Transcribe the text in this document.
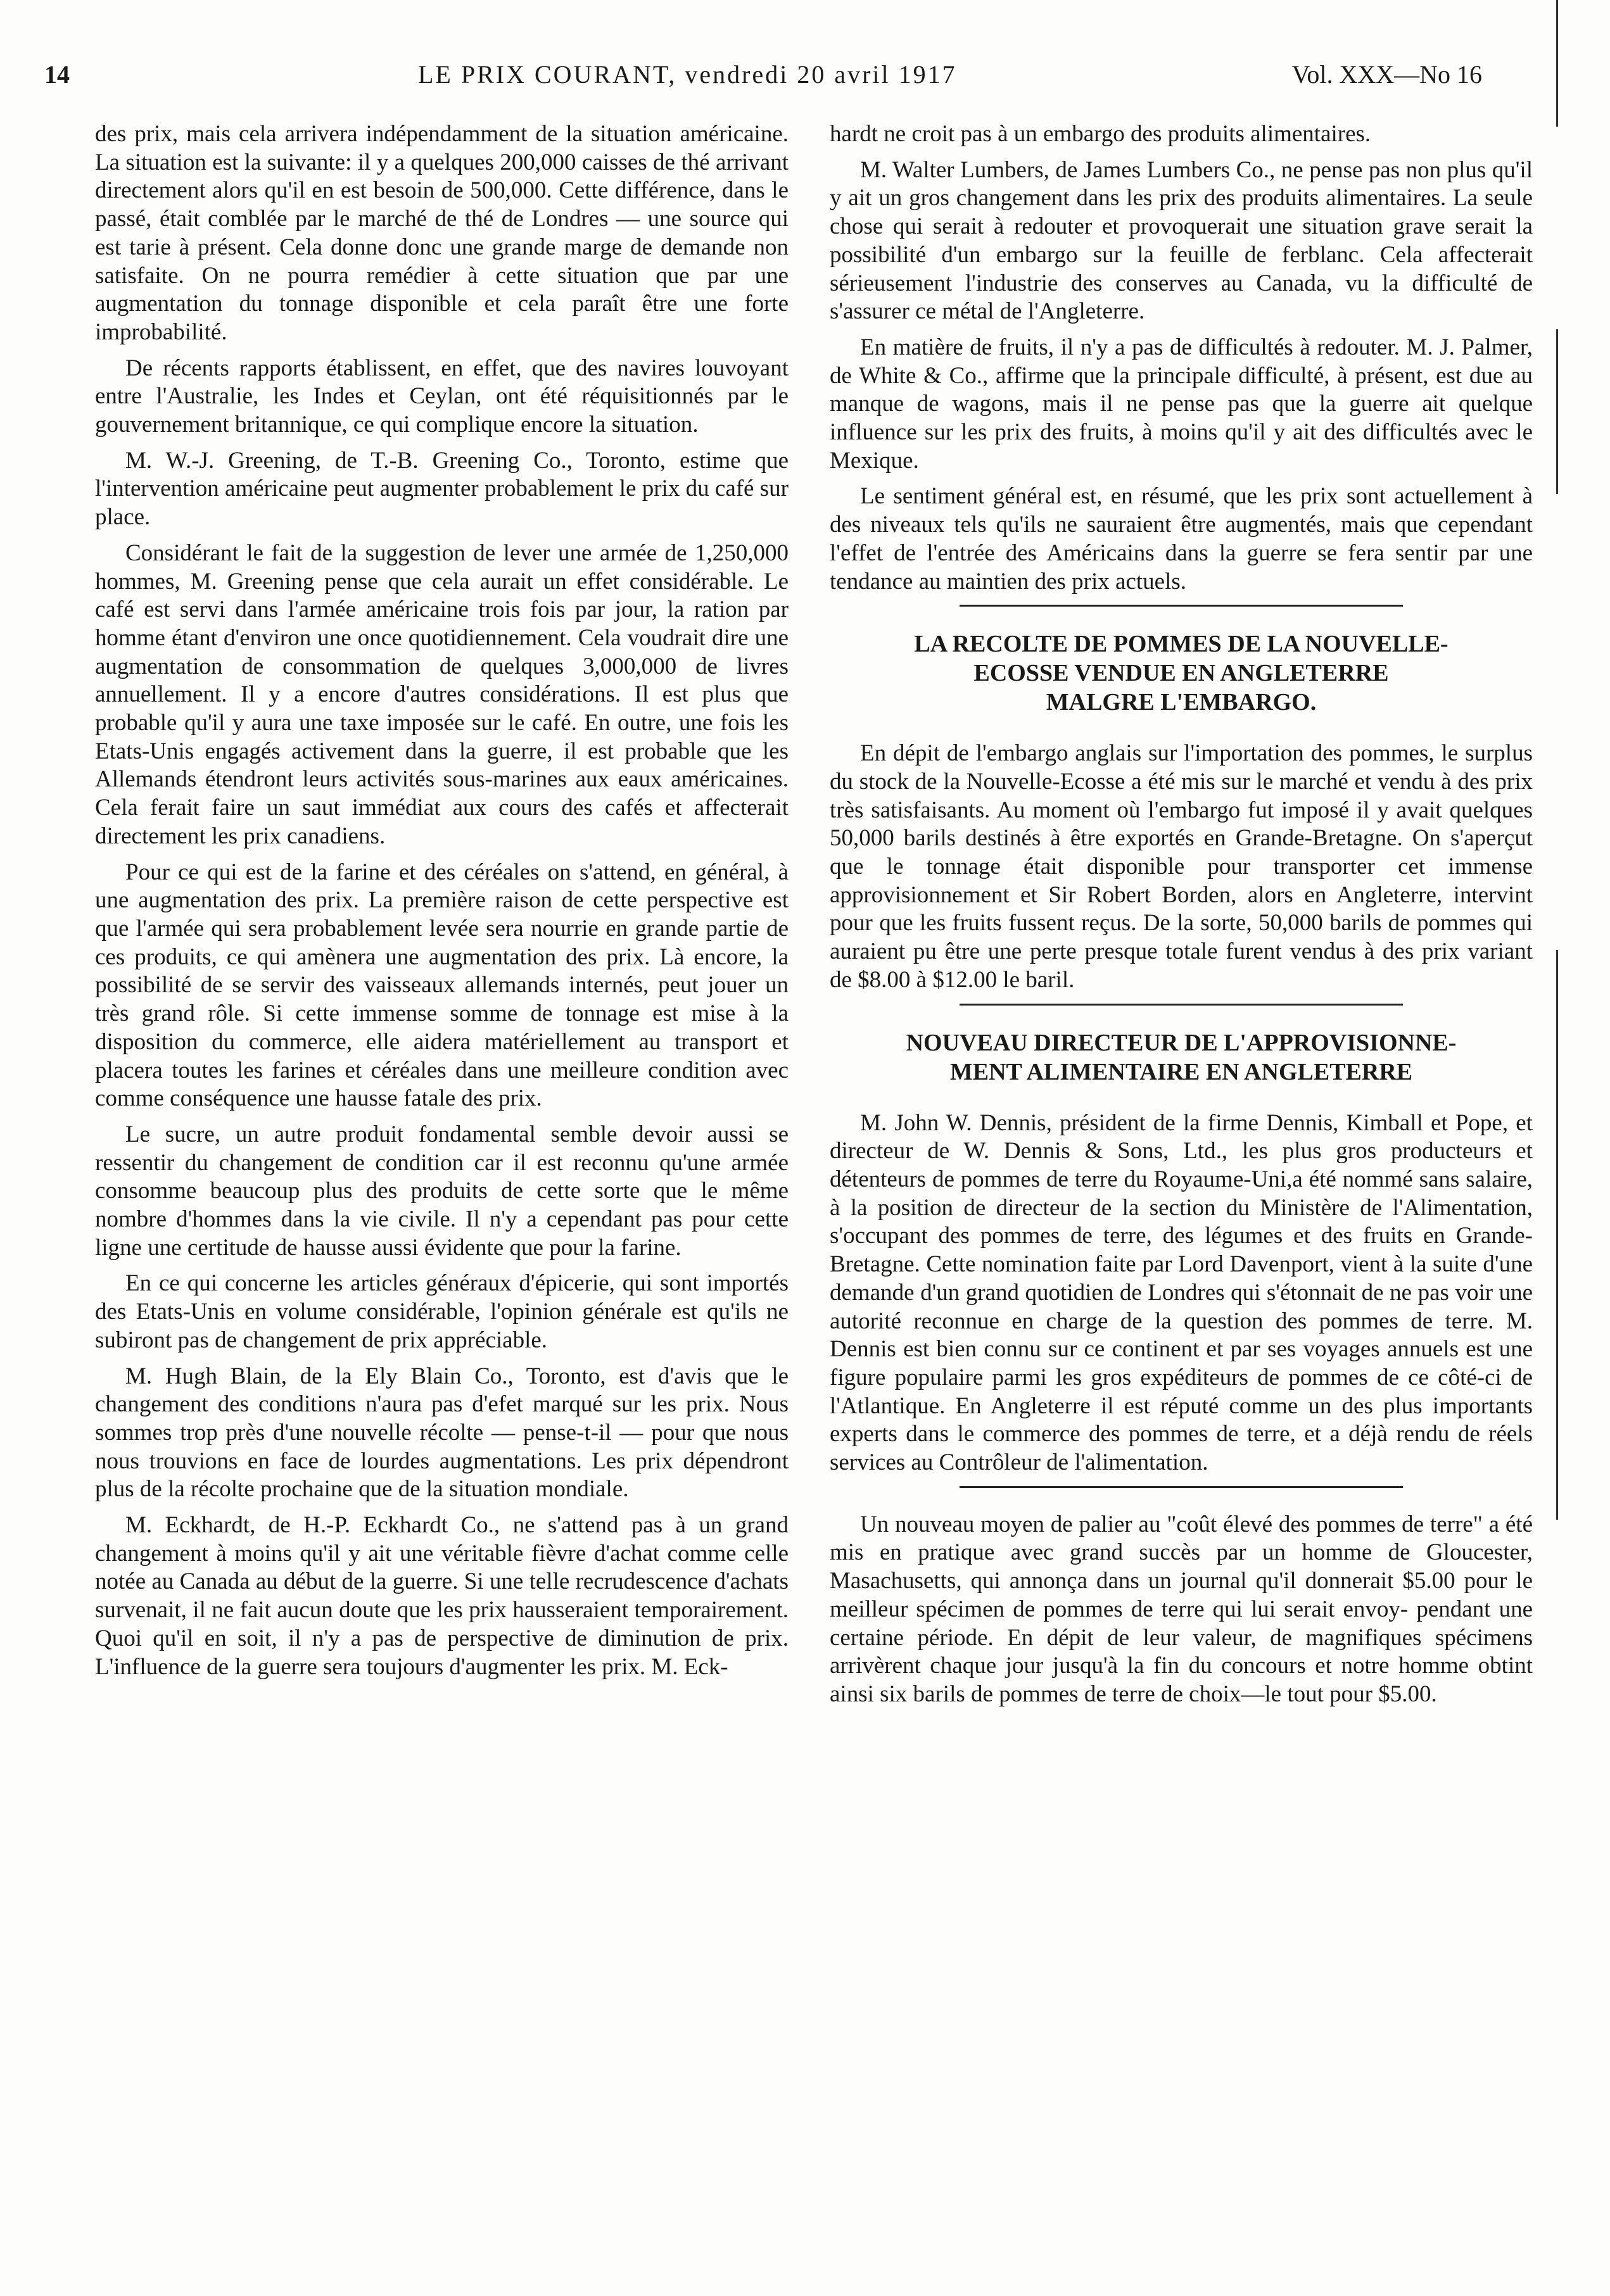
14	LE PRIX COURANT, vendredi 20 avril 1917	Vol. XXX—No 16

des prix, mais cela arrivera indépendamment de la situation américaine. La situation est la suivante: il y a quelques 200,000 caisses de thé arrivant directement alors qu'il en est besoin de 500,000. Cette différence, dans le passé, était comblée par le marché de thé de Londres — une source qui est tarie à présent. Cela donne donc une grande marge de demande non satisfaite. On ne pourra remédier à cette situation que par une augmentation du tonnage disponible et cela paraît être une forte improbabilité.

De récents rapports établissent, en effet, que des navires louvoyant entre l'Australie, les Indes et Ceylan, ont été réquisitionnés par le gouvernement britannique, ce qui complique encore la situation.

M. W.-J. Greening, de T.-B. Greening Co., Toronto, estime que l'intervention américaine peut augmenter probablement le prix du café sur place.

Considérant le fait de la suggestion de lever une armée de 1,250,000 hommes, M. Greening pense que cela aurait un effet considérable. Le café est servi dans l'armée américaine trois fois par jour, la ration par homme étant d'environ une once quotidiennement. Cela voudrait dire une augmentation de consommation de quelques 3,000,000 de livres annuellement. Il y a encore d'autres considérations. Il est plus que probable qu'il y aura une taxe imposée sur le café. En outre, une fois les Etats-Unis engagés activement dans la guerre, il est probable que les Allemands étendront leurs activités sous-marines aux eaux américaines. Cela ferait faire un saut immédiat aux cours des cafés et affecterait directement les prix canadiens.

Pour ce qui est de la farine et des céréales on s'attend, en général, à une augmentation des prix. La première raison de cette perspective est que l'armée qui sera probablement levée sera nourrie en grande partie de ces produits, ce qui amènera une augmentation des prix. Là encore, la possibilité de se servir des vaisseaux allemands internés, peut jouer un très grand rôle. Si cette immense somme de tonnage est mise à la disposition du commerce, elle aidera matériellement au transport et placera toutes les farines et céréales dans une meilleure condition avec comme conséquence une hausse fatale des prix.

Le sucre, un autre produit fondamental semble devoir aussi se ressentir du changement de condition car il est reconnu qu'une armée consomme beaucoup plus des produits de cette sorte que le même nombre d'hommes dans la vie civile. Il n'y a cependant pas pour cette ligne une certitude de hausse aussi évidente que pour la farine.

En ce qui concerne les articles généraux d'épicerie, qui sont importés des Etats-Unis en volume considérable, l'opinion générale est qu'ils ne subiront pas de changement de prix appréciable.

M. Hugh Blain, de la Ely Blain Co., Toronto, est d'avis que le changement des conditions n'aura pas d'efet marqué sur les prix. Nous sommes trop près d'une nouvelle récolte — pense-t-il — pour que nous nous trouvions en face de lourdes augmentations. Les prix dépendront plus de la récolte prochaine que de la situation mondiale.

M. Eckhardt, de H.-P. Eckhardt Co., ne s'attend pas à un grand changement à moins qu'il y ait une véritable fièvre d'achat comme celle notée au Canada au début de la guerre. Si une telle recrudescence d'achats survenait, il ne fait aucun doute que les prix hausseraient temporairement. Quoi qu'il en soit, il n'y a pas de perspective de diminution de prix. L'influence de la guerre sera toujours d'augmenter les prix. M. Eck-

hardt ne croit pas à un embargo des produits alimentaires.

M. Walter Lumbers, de James Lumbers Co., ne pense pas non plus qu'il y ait un gros changement dans les prix des produits alimentaires. La seule chose qui serait à redouter et provoquerait une situation grave serait la possibilité d'un embargo sur la feuille de ferblanc. Cela affecterait sérieusement l'industrie des conserves au Canada, vu la difficulté de s'assurer ce métal de l'Angleterre.

En matière de fruits, il n'y a pas de difficultés à redouter. M. J. Palmer, de White & Co., affirme que la principale difficulté, à présent, est due au manque de wagons, mais il ne pense pas que la guerre ait quelque influence sur les prix des fruits, à moins qu'il y ait des difficultés avec le Mexique.

Le sentiment général est, en résumé, que les prix sont actuellement à des niveaux tels qu'ils ne sauraient être augmentés, mais que cependant l'effet de l'entrée des Américains dans la guerre se fera sentir par une tendance au maintien des prix actuels.

LA RECOLTE DE POMMES DE LA NOUVELLE-
ECOSSE VENDUE EN ANGLETERRE
MALGRE L'EMBARGO.

En dépit de l'embargo anglais sur l'importation des pommes, le surplus du stock de la Nouvelle-Ecosse a été mis sur le marché et vendu à des prix très satisfaisants. Au moment où l'embargo fut imposé il y avait quelques 50,000 barils destinés à être exportés en Grande-Bretagne. On s'aperçut que le tonnage était disponible pour transporter cet immense approvisionnement et Sir Robert Borden, alors en Angleterre, intervint pour que les fruits fussent reçus. De la sorte, 50,000 barils de pommes qui auraient pu être une perte presque totale furent vendus à des prix variant de $8.00 à $12.00 le baril.

NOUVEAU DIRECTEUR DE L'APPROVISIONNE-
MENT ALIMENTAIRE EN ANGLETERRE

M. John W. Dennis, président de la firme Dennis, Kimball et Pope, et directeur de W. Dennis & Sons, Ltd., les plus gros producteurs et détenteurs de pommes de terre du Royaume-Uni,a été nommé sans salaire, à la position de directeur de la section du Ministère de l'Alimentation, s'occupant des pommes de terre, des légumes et des fruits en Grande-Bretagne. Cette nomination faite par Lord Davenport, vient à la suite d'une demande d'un grand quotidien de Londres qui s'étonnait de ne pas voir une autorité reconnue en charge de la question des pommes de terre. M. Dennis est bien connu sur ce continent et par ses voyages annuels est une figure populaire parmi les gros expéditeurs de pommes de ce côté-ci de l'Atlantique. En Angleterre il est réputé comme un des plus importants experts dans le commerce des pommes de terre, et a déjà rendu de réels services au Contrôleur de l'alimentation.

Un nouveau moyen de palier au "coût élevé des pommes de terre" a été mis en pratique avec grand succès par un homme de Gloucester, Masachusetts, qui annonça dans un journal qu'il donnerait $5.00 pour le meilleur spécimen de pommes de terre qui lui serait envoy- pendant une certaine période. En dépit de leur valeur, de magnifiques spécimens arrivèrent chaque jour jusqu'à la fin du concours et notre homme obtint ainsi six barils de pommes de terre de choix—le tout pour $5.00.
